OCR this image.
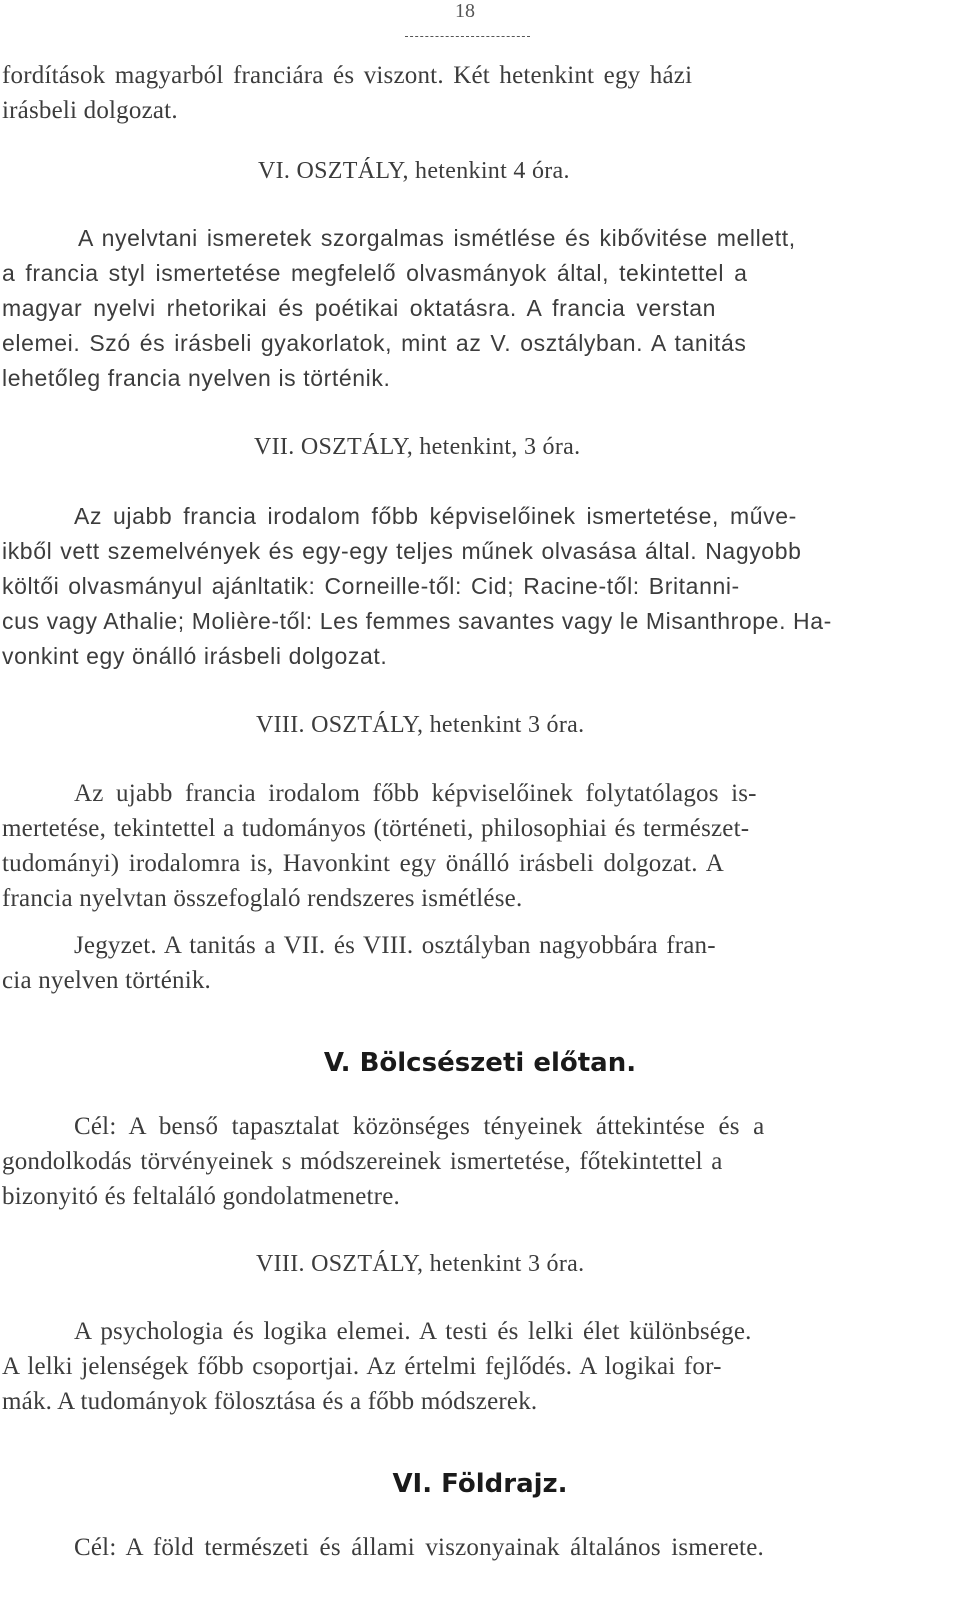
18
fordítások magyarból franciára és viszont. Két hetenkint egy házi
irásbeli dolgozat.
VI. OSZTÁLY, hetenkint 4 óra.
A nyelvtani ismeretek szorgalmas ismétlése és kibővitése mellett,
a francia styl ismertetése megfelelő olvasmányok által, tekintettel a
magyar nyelvi rhetorikai és poétikai oktatásra. A francia verstan
elemei. Szó és irásbeli gyakorlatok, mint az V. osztályban. A tanitás
lehetőleg francia nyelven is történik.
VII. OSZTÁLY, hetenkint, 3 óra.
Az ujabb francia irodalom főbb képviselőinek ismertetése, műve-
ikből vett szemelvények és egy-egy teljes műnek olvasása által. Nagyobb
költői olvasmányul ajánltatik: Corneille-től: Cid; Racine-től: Britanni-
cus vagy Athalie; Molière-től: Les femmes savantes vagy le Misanthrope. Ha-
vonkint egy önálló irásbeli dolgozat.
VIII. OSZTÁLY, hetenkint 3 óra.
Az ujabb francia irodalom főbb képviselőinek folytatólagos is-
mertetése, tekintettel a tudományos (történeti, philosophiai és természet-
tudományi) irodalomra is, Havonkint egy önálló irásbeli dolgozat. A
francia nyelvtan összefoglaló rendszeres ismétlése.
Jegyzet. A tanitás a VII. és VIII. osztályban nagyobbára fran-
cia nyelven történik.
V. Bölcsészeti előtan.
Cél: A benső tapasztalat közönséges tényeinek áttekintése és a
gondolkodás törvényeinek s módszereinek ismertetése, főtekintettel a
bizonyitó és feltaláló gondolatmenetre.
VIII. OSZTÁLY, hetenkint 3 óra.
A psychologia és logika elemei. A testi és lelki élet különbsége.
A lelki jelenségek főbb csoportjai. Az értelmi fejlődés. A logikai for-
mák. A tudományok fölosztása és a főbb módszerek.
VI. Földrajz.
Cél: A föld természeti és állami viszonyainak általános ismerete.
